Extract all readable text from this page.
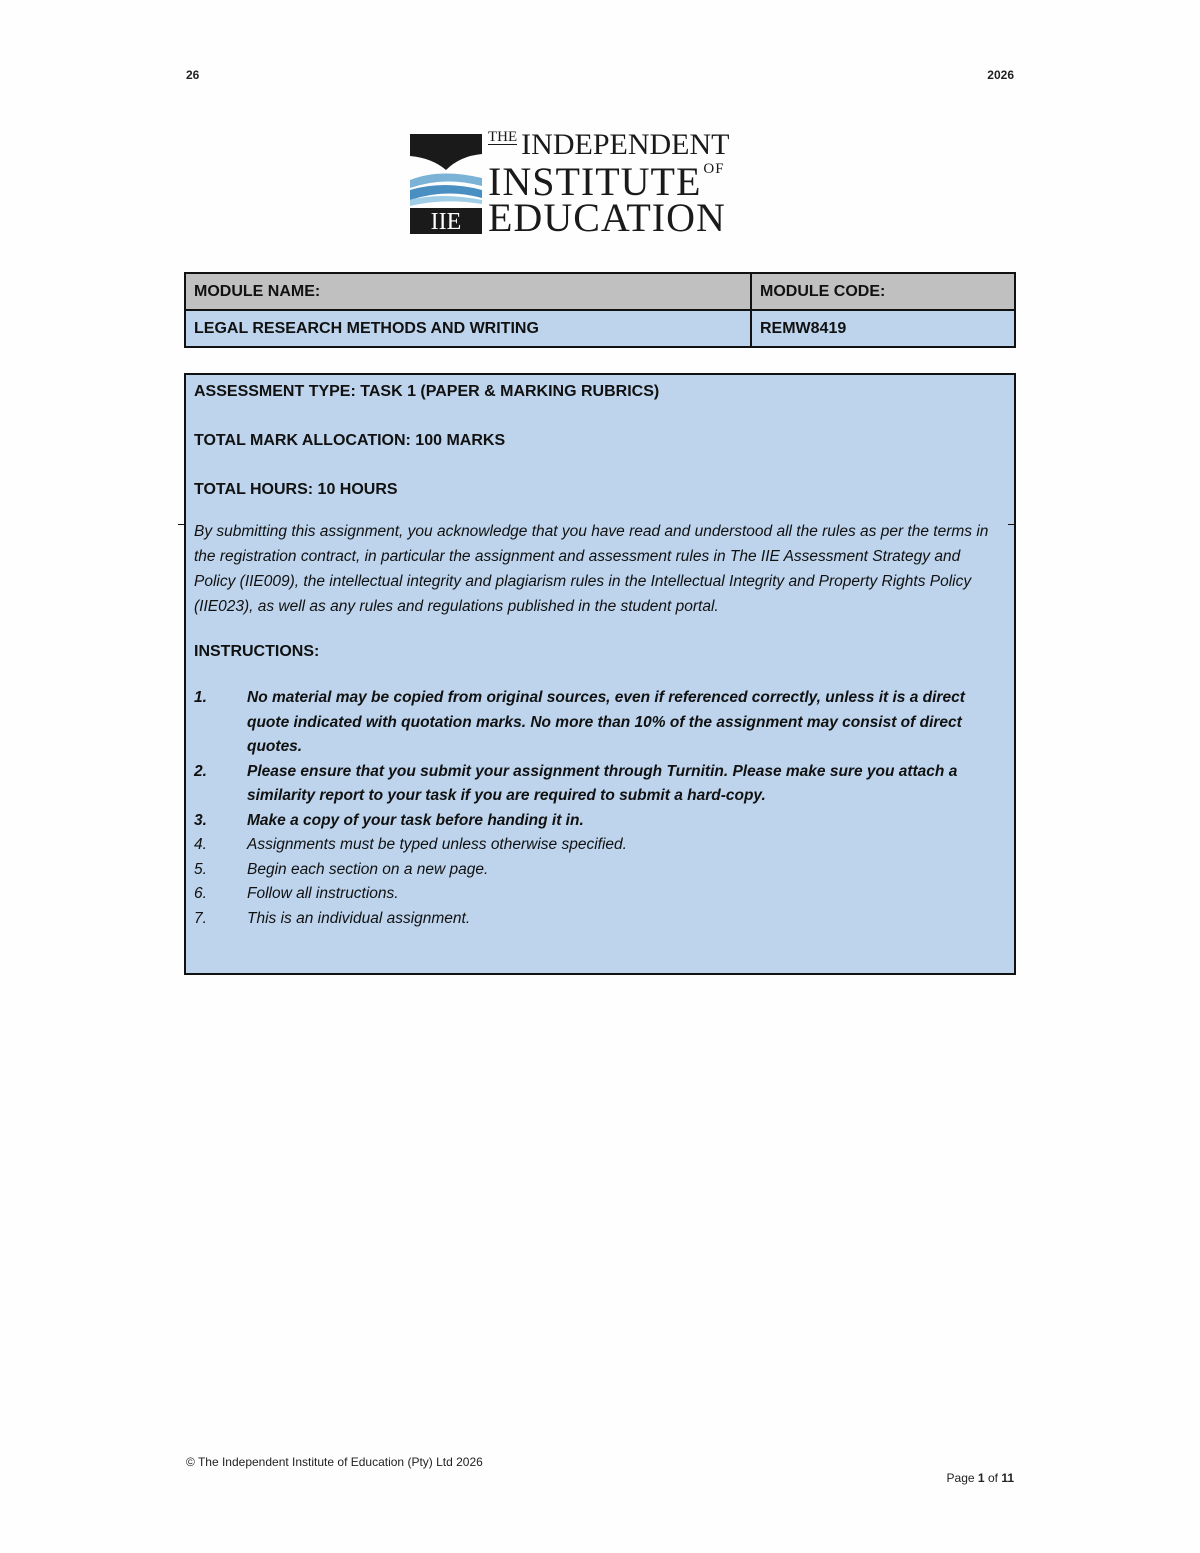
26	2026
IIE
THE INDEPENDENT
INSTITUTE OF
EDUCATION
MODULE NAME:	MODULE CODE:
LEGAL RESEARCH METHODS AND WRITING	REMW8419

ASSESSMENT TYPE: TASK 1 (PAPER & MARKING RUBRICS)

TOTAL MARK ALLOCATION: 100 MARKS

TOTAL HOURS: 10 HOURS

By submitting this assignment, you acknowledge that you have read and understood all the rules as per the terms in the registration contract, in particular the assignment and assessment rules in The IIE Assessment Strategy and Policy (IIE009), the intellectual integrity and plagiarism rules in the Intellectual Integrity and Property Rights Policy (IIE023), as well as any rules and regulations published in the student portal.

INSTRUCTIONS:

1.	No material may be copied from original sources, even if referenced correctly, unless it is a direct quote indicated with quotation marks. No more than 10% of the assignment may consist of direct quotes.
2.	Please ensure that you submit your assignment through Turnitin. Please make sure you attach a similarity report to your task if you are required to submit a hard-copy.
3.	Make a copy of your task before handing it in.
4.	Assignments must be typed unless otherwise specified.
5.	Begin each section on a new page.
6.	Follow all instructions.
7.	This is an individual assignment.
© The Independent Institute of Education (Pty) Ltd 2026
Page 1 of 11
